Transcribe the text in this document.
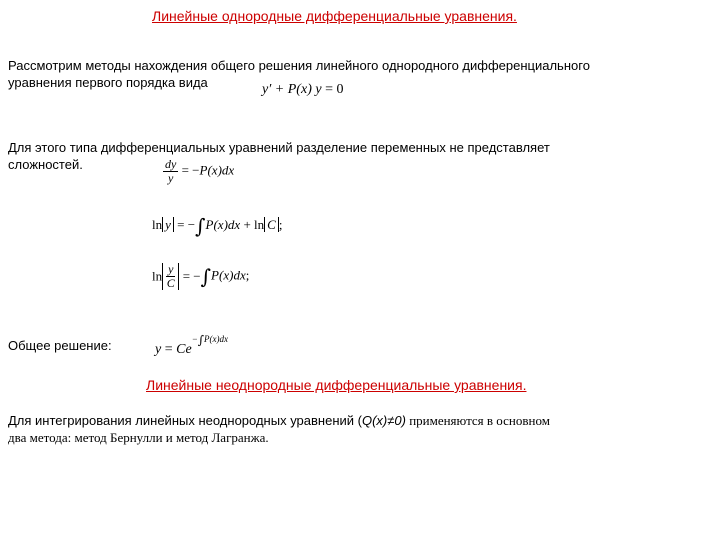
Линейные однородные дифференциальные уравнения.
Рассмотрим методы нахождения общего решения линейного однородного дифференциального
уравнения первого порядка вида	y′ + P(x) y = 0
Для этого типа дифференциальных уравнений разделение переменных не представляет
сложностей.	$\frac{dy}{y} = -P(x)dx$
ln y = −∫P(x)dx + ln C ;
$\ln \frac{y}{C} = -\int P(x)dx$;
Общее решение:	$y = Ce^{-\int P(x)dx}$
Линейные неоднородные дифференциальные уравнения.
Для интегрирования линейных неоднородных уравнений (Q(x)≠0) применяются в основном
два метода: метод Бернулли и метод Лагранжа.
